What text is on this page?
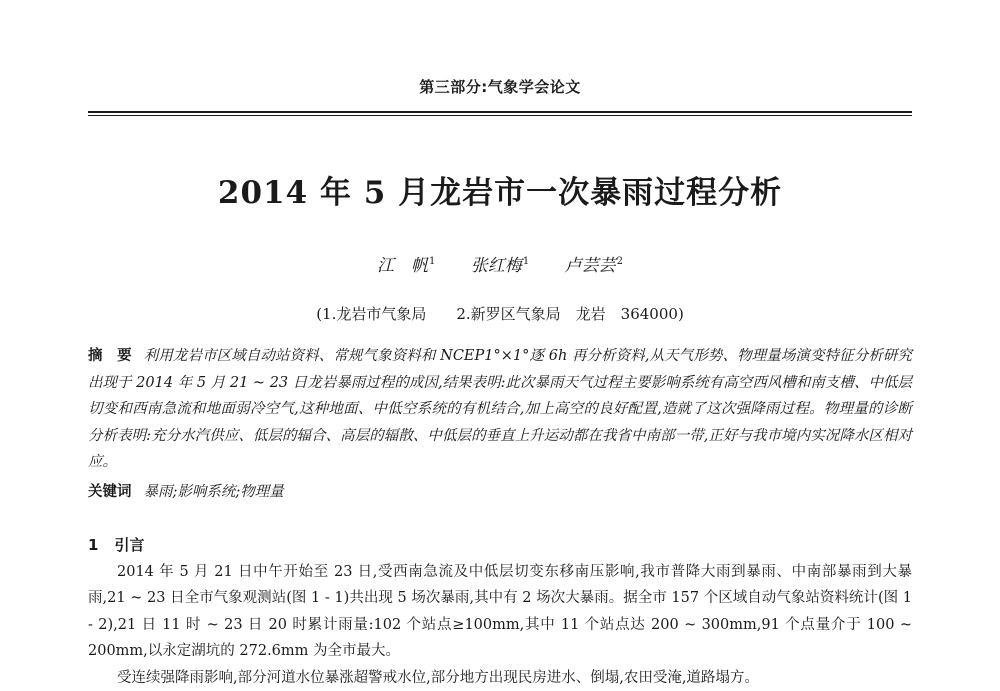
第三部分:气象学会论文
2014 年 5 月龙岩市一次暴雨过程分析
江　帆$^1$ 张红梅$^1$ 卢芸芸$^2$
(1.龙岩市气象局　　2.新罗区气象局　龙岩　364000)
摘　要 利用龙岩市区域自动站资料、常规气象资料和 NCEP1°×1°逐 6h 再分析资料,从天气形势、物理量场演变特征分析研究出现于 2014 年 5 月 21 ~ 23 日龙岩暴雨过程的成因,结果表明:此次暴雨天气过程主要影响系统有高空西风槽和南支槽、中低层切变和西南急流和地面弱冷空气,这种地面、中低空系统的有机结合,加上高空的良好配置,造就了这次强降雨过程。物理量的诊断分析表明:充分水汽供应、低层的辐合、高层的辐散、中低层的垂直上升运动都在我省中南部一带,正好与我市境内实况降水区相对应。
关键词 暴雨;影响系统;物理量
1 引言

2014 年 5 月 21 日中午开始至 23 日,受西南急流及中低层切变东移南压影响,我市普降大雨到暴雨、中南部暴雨到大暴雨,21 ~ 23 日全市气象观测站(图 1 - 1)共出现 5 场次暴雨,其中有 2 场次大暴雨。据全市 157 个区域自动气象站资料统计(图 1 - 2),21 日 11 时 ~ 23 日 20 时累计雨量:102 个站点≥100mm,其中 11 个站点达 200 ~ 300mm,91 个点量介于 100 ~ 200mm,以永定湖坑的 272.6mm 为全市最大。

受连续强降雨影响,部分河道水位暴涨超警戒水位,部分地方出现民房进水、倒塌,农田受淹,道路塌方。
